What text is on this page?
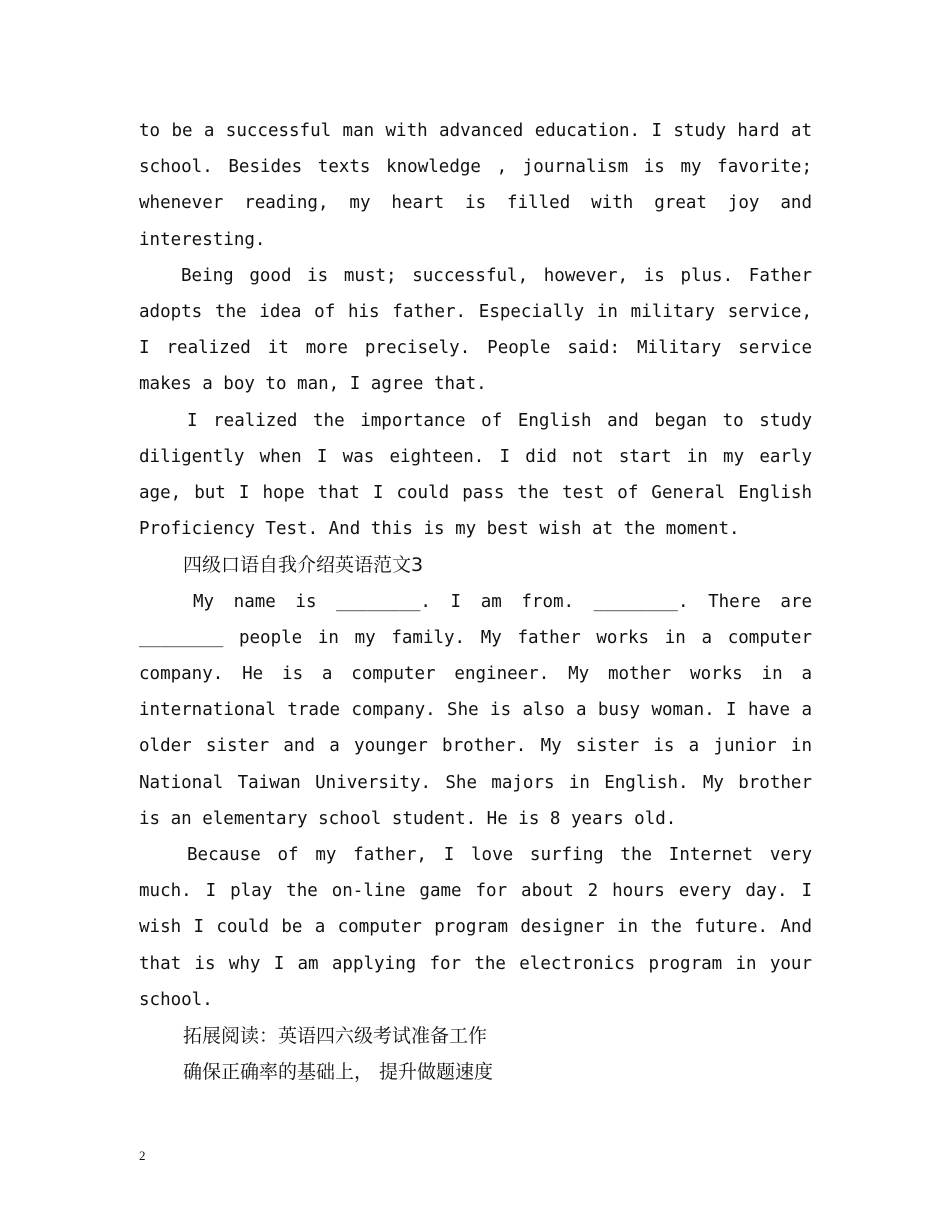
to be a successful man with advanced education. I study hard at school. Besides texts knowledge , journalism is my favorite; whenever reading, my heart is filled with great joy and interesting.

Being good is must; successful, however, is plus. Father adopts the idea of his father. Especially in military service, I realized it more precisely. People said: Military service makes a boy to man, I agree that.

I realized the importance of English and began to study diligently when I was eighteen. I did not start in my early age, but I hope that I could pass the test of General English Proficiency Test. And this is my best wish at the moment.

四级口语自我介绍英语范文3

My name is ________. I am from. ________. There are ________ people in my family. My father works in a computer company. He is a computer engineer. My mother works in a international trade company. She is also a busy woman. I have a older sister and a younger brother. My sister is a junior in National Taiwan University. She majors in English. My brother is an elementary school student. He is 8 years old.

Because of my father, I love surfing the Internet very much. I play the on-line game for about 2 hours every day. I wish I could be a computer program designer in the future. And that is why I am applying for the electronics program in your school.

拓展阅读：英语四六级考试准备工作

确保正确率的基础上， 提升做题速度

2
